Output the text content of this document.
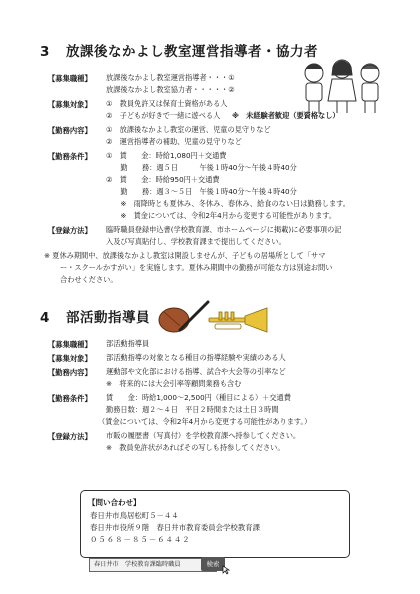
3 放課後なかよし教室運営指導者・協力者
【募集職種】 放課後なかよし教室運営指導者・・・①
放課後なかよし教室協力者・・・・・②
【募集対象】 ①　教員免許又は保育士資格がある人
②　子どもが好きで一緒に遊べる人 ※　未経験者歓迎（要資格なし）
【勤務内容】 ①　放課後なかよし教室の運営、児童の見守りなど
②　運営指導者の補助、児童の見守りなど
【勤務条件】 ①　賃　　金：時給1,080円＋交通費
　　勤　　務：週５日　　　午後１時40分～午後４時40分
②　賃　　金：時給950円＋交通費
　　勤　　務：週３～５日　午後１時40分～午後４時40分
　　※　雨降時とも夏休み、冬休み、春休み、給食のない日は勤務します。
　　※　賃金については、令和2年4月から変更する可能性があります。
【登録方法】 臨時職員登録申込書(学校教育課、市ホームページに掲載)に必要事項の記
入及び写真貼付し、学校教育課まで提出してください。
※ 夏休み期間中、放課後なかよし教室は開設しませんが、子どもの居場所として「サマ
ー・スクールかすがい」を実施します。夏休み期間中の勤務が可能な方は別途お問い
合わせください。
4 部活動指導員
【募集職種】 部活動指導員
【募集対象】 部活動指導の対象となる種目の指導経験や実績のある人
【勤務内容】 運動部や文化部における指導、試合や大会等の引率など
※　将来的には大会引率等顧問業務も含む
【勤務条件】 賃　　金：時給1,000～2,500円（種目による）＋交通費
勤務日数：週２～４日　平日２時間または土日３時間
（賃金については、令和2年4月から変更する可能性があります。）
【登録方法】 市販の履歴書（写真付）を学校教育課へ持参してください。
※　教員免許状があればその写しも持参してください。
【問い合わせ】
春日井市鳥居松町５－４４
春日井市役所９階　春日井市教育委員会学校教育課
０５６８－８５－６４４２
春日井市　学校教育課臨時職員	検索
